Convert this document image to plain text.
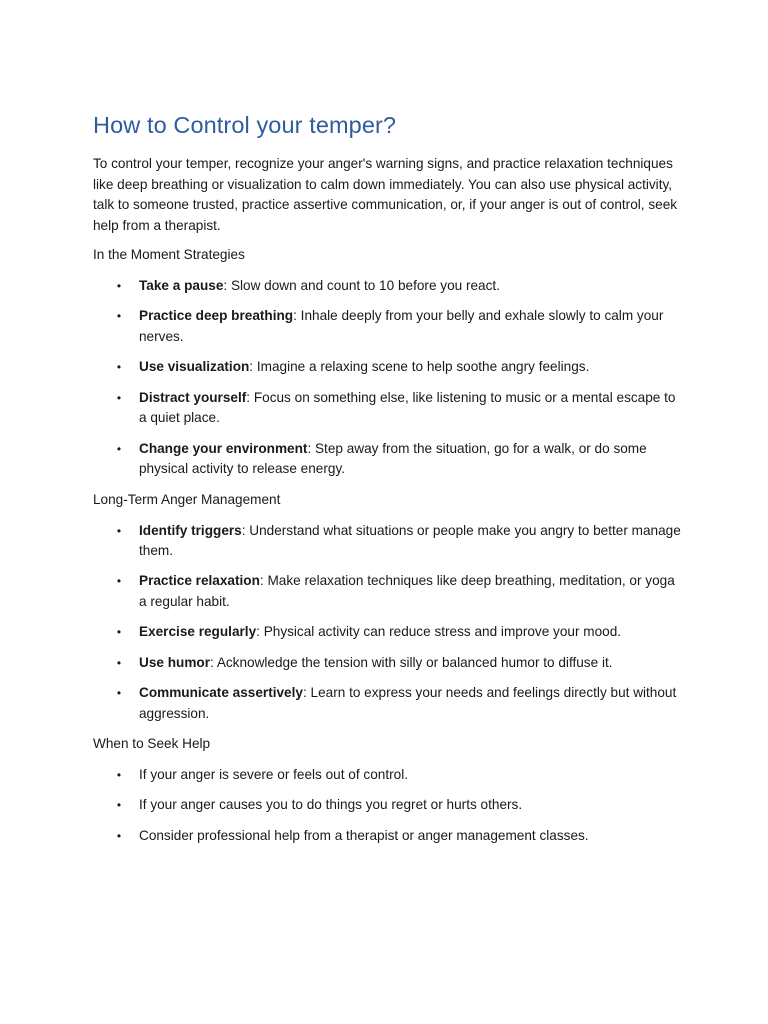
How to Control your temper?

To control your temper, recognize your anger's warning signs, and practice relaxation techniques like deep breathing or visualization to calm down immediately. You can also use physical activity, talk to someone trusted, practice assertive communication, or, if your anger is out of control, seek help from a therapist.

In the Moment Strategies

• Take a pause: Slow down and count to 10 before you react.
• Practice deep breathing: Inhale deeply from your belly and exhale slowly to calm your nerves.
• Use visualization: Imagine a relaxing scene to help soothe angry feelings.
• Distract yourself: Focus on something else, like listening to music or a mental escape to a quiet place.
• Change your environment: Step away from the situation, go for a walk, or do some physical activity to release energy.

Long-Term Anger Management

• Identify triggers: Understand what situations or people make you angry to better manage them.
• Practice relaxation: Make relaxation techniques like deep breathing, meditation, or yoga a regular habit.
• Exercise regularly: Physical activity can reduce stress and improve your mood.
• Use humor: Acknowledge the tension with silly or balanced humor to diffuse it.
• Communicate assertively: Learn to express your needs and feelings directly but without aggression.

When to Seek Help

• If your anger is severe or feels out of control.
• If your anger causes you to do things you regret or hurts others.
• Consider professional help from a therapist or anger management classes.
